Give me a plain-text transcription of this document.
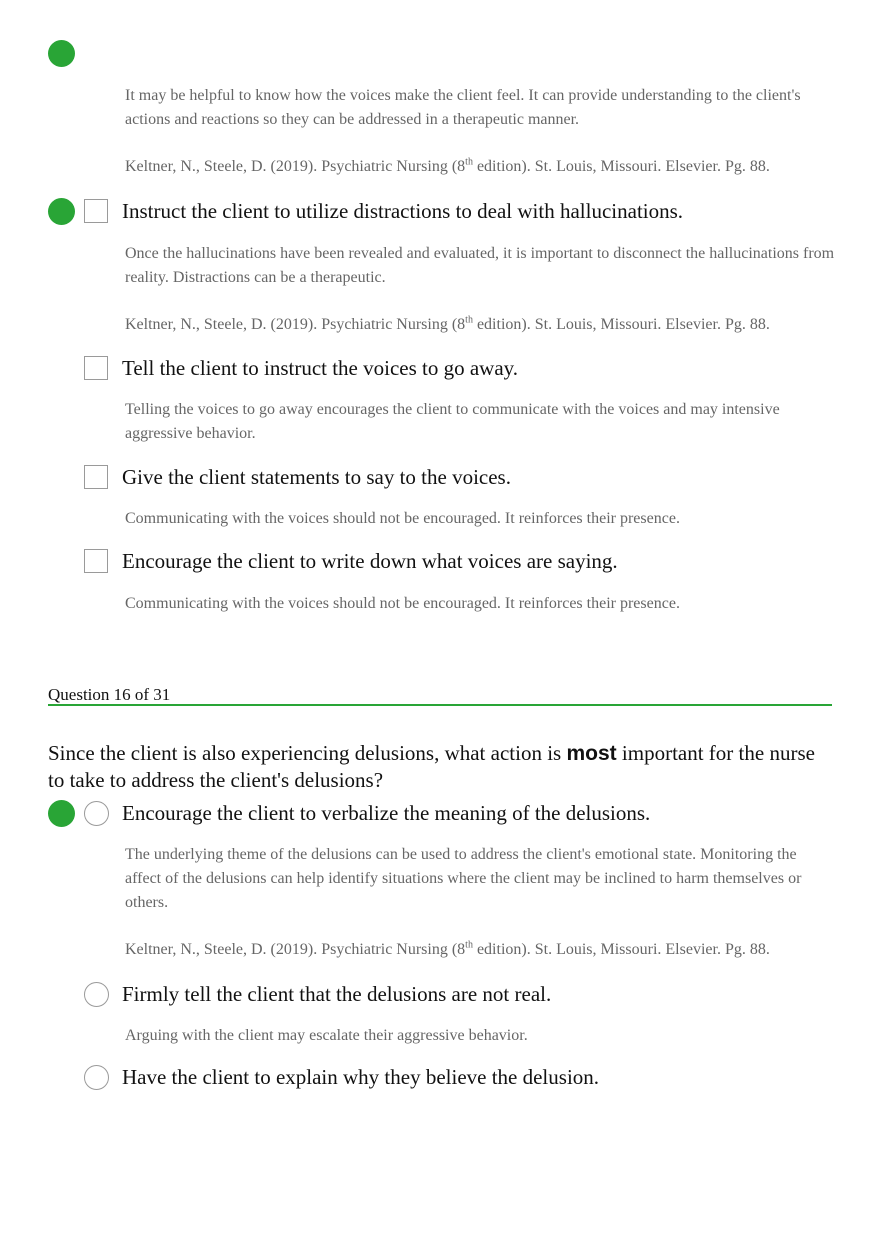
It may be helpful to know how the voices make the client feel. It can provide understanding to the client's actions and reactions so they can be addressed in a therapeutic manner.
Keltner, N., Steele, D. (2019). Psychiatric Nursing (8th edition). St. Louis, Missouri. Elsevier. Pg. 88.
Instruct the client to utilize distractions to deal with hallucinations.
Once the hallucinations have been revealed and evaluated, it is important to disconnect the hallucinations from reality. Distractions can be a therapeutic.
Keltner, N., Steele, D. (2019). Psychiatric Nursing (8th edition). St. Louis, Missouri. Elsevier. Pg. 88.
Tell the client to instruct the voices to go away.
Telling the voices to go away encourages the client to communicate with the voices and may intensive aggressive behavior.
Give the client statements to say to the voices.
Communicating with the voices should not be encouraged. It reinforces their presence.
Encourage the client to write down what voices are saying.
Communicating with the voices should not be encouraged. It reinforces their presence.
Question 16 of 31
Since the client is also experiencing delusions, what action is most important for the nurse to take to address the client's delusions?
Encourage the client to verbalize the meaning of the delusions.
The underlying theme of the delusions can be used to address the client's emotional state. Monitoring the affect of the delusions can help identify situations where the client may be inclined to harm themselves or others.
Keltner, N., Steele, D. (2019). Psychiatric Nursing (8th edition). St. Louis, Missouri. Elsevier. Pg. 88.
Firmly tell the client that the delusions are not real.
Arguing with the client may escalate their aggressive behavior.
Have the client to explain why they believe the delusion.
